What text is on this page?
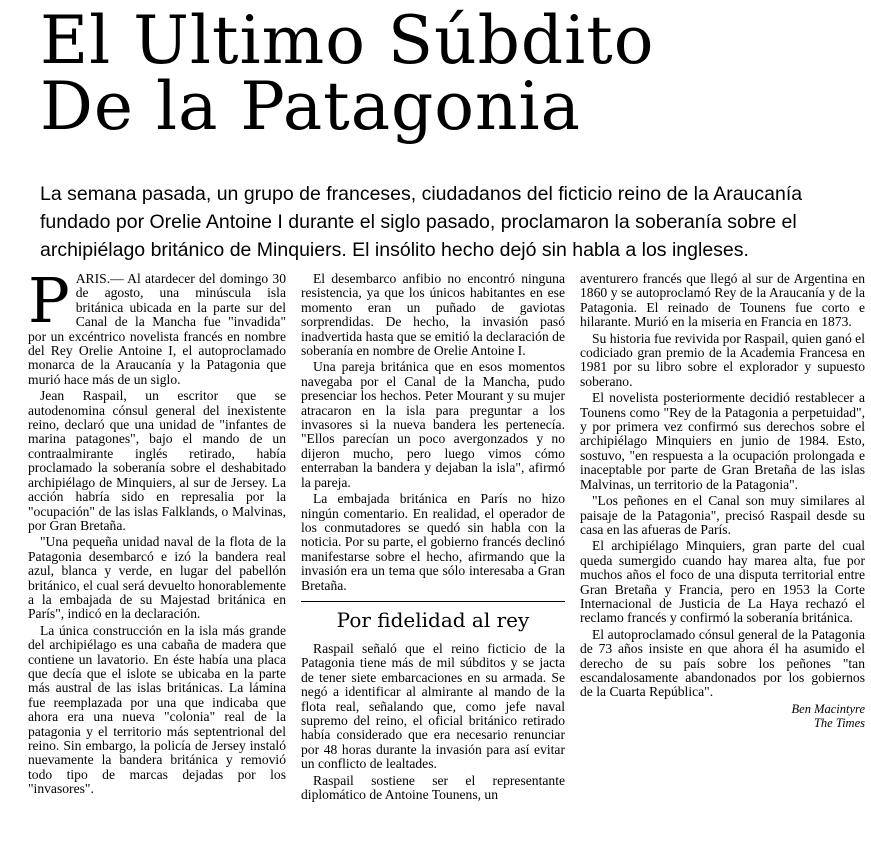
El Ultimo Súbdito
De la Patagonia
La semana pasada, un grupo de franceses, ciudadanos del ficticio reino de la Araucanía fundado por Orelie Antoine I durante el siglo pasado, proclamaron la soberanía sobre el archipiélago británico de Minquiers. El insólito hecho dejó sin habla a los ingleses.

PARIS.— Al atardecer del domingo 30 de agosto, una minúscula isla británica ubicada en la parte sur del Canal de la Mancha fue "invadida" por un excéntrico novelista francés en nombre del Rey Orelie Antoine I, el autoproclamado monarca de la Araucanía y la Patagonia que murió hace más de un siglo.

Jean Raspail, un escritor que se autodenomina cónsul general del inexistente reino, declaró que una unidad de "infantes de marina patagones", bajo el mando de un contraalmirante inglés retirado, había proclamado la soberanía sobre el deshabitado archipiélago de Minquiers, al sur de Jersey. La acción habría sido en represalia por la "ocupación" de las islas Falklands, o Malvinas, por Gran Bretaña.

"Una pequeña unidad naval de la flota de la Patagonia desembarcó e izó la bandera real azul, blanca y verde, en lugar del pabellón británico, el cual será devuelto honorablemente a la embajada de su Majestad británica en París", indicó en la declaración.

La única construcción en la isla más grande del archipiélago es una cabaña de madera que contiene un lavatorio. En éste había una placa que decía que el islote se ubicaba en la parte más austral de las islas británicas. La lámina fue reemplazada por una que indicaba que ahora era una nueva "colonia" real de la patagonia y el territorio más septentrional del reino. Sin embargo, la policía de Jersey instaló nuevamente la bandera británica y removió todo tipo de marcas dejadas por los "invasores".

El desembarco anfibio no encontró ninguna resistencia, ya que los únicos habitantes en ese momento eran un puñado de gaviotas sorprendidas. De hecho, la invasión pasó inadvertida hasta que se emitió la declaración de soberanía en nombre de Orelie Antoine I.

Una pareja británica que en esos momentos navegaba por el Canal de la Mancha, pudo presenciar los hechos. Peter Mourant y su mujer atracaron en la isla para preguntar a los invasores si la nueva bandera les pertenecía. "Ellos parecían un poco avergonzados y no dijeron mucho, pero luego vimos cómo enterraban la bandera y dejaban la isla", afirmó la pareja.

La embajada británica en París no hizo ningún comentario. En realidad, el operador de los conmutadores se quedó sin habla con la noticia. Por su parte, el gobierno francés declinó manifestarse sobre el hecho, afirmando que la invasión era un tema que sólo interesaba a Gran Bretaña.

Por fidelidad al rey

Raspail señaló que el reino ficticio de la Patagonia tiene más de mil súbditos y se jacta de tener siete embarcaciones en su armada. Se negó a identificar al almirante al mando de la flota real, señalando que, como jefe naval supremo del reino, el oficial británico retirado había considerado que era necesario renunciar por 48 horas durante la invasión para así evitar un conflicto de lealtades.

Raspail sostiene ser el representante diplomático de Antoine Tounens, un

aventurero francés que llegó al sur de Argentina en 1860 y se autoproclamó Rey de la Araucanía y de la Patagonia. El reinado de Tounens fue corto e hilarante. Murió en la miseria en Francia en 1873.

Su historia fue revivida por Raspail, quien ganó el codiciado gran premio de la Academia Francesa en 1981 por su libro sobre el explorador y supuesto soberano.

El novelista posteriormente decidió restablecer a Tounens como "Rey de la Patagonia a perpetuidad", y por primera vez confirmó sus derechos sobre el archipiélago Minquiers en junio de 1984. Esto, sostuvo, "en respuesta a la ocupación prolongada e inaceptable por parte de Gran Bretaña de las islas Malvinas, un territorio de la Patagonia".

"Los peñones en el Canal son muy similares al paisaje de la Patagonia", precisó Raspail desde su casa en las afueras de París.

El archipiélago Minquiers, gran parte del cual queda sumergido cuando hay marea alta, fue por muchos años el foco de una disputa territorial entre Gran Bretaña y Francia, pero en 1953 la Corte Internacional de Justicia de La Haya rechazó el reclamo francés y confirmó la soberanía británica.

El autoproclamado cónsul general de la Patagonia de 73 años insiste en que ahora él ha asumido el derecho de su país sobre los peñones "tan escandalosamente abandonados por los gobiernos de la Cuarta República".

Ben Macintyre
The Times
